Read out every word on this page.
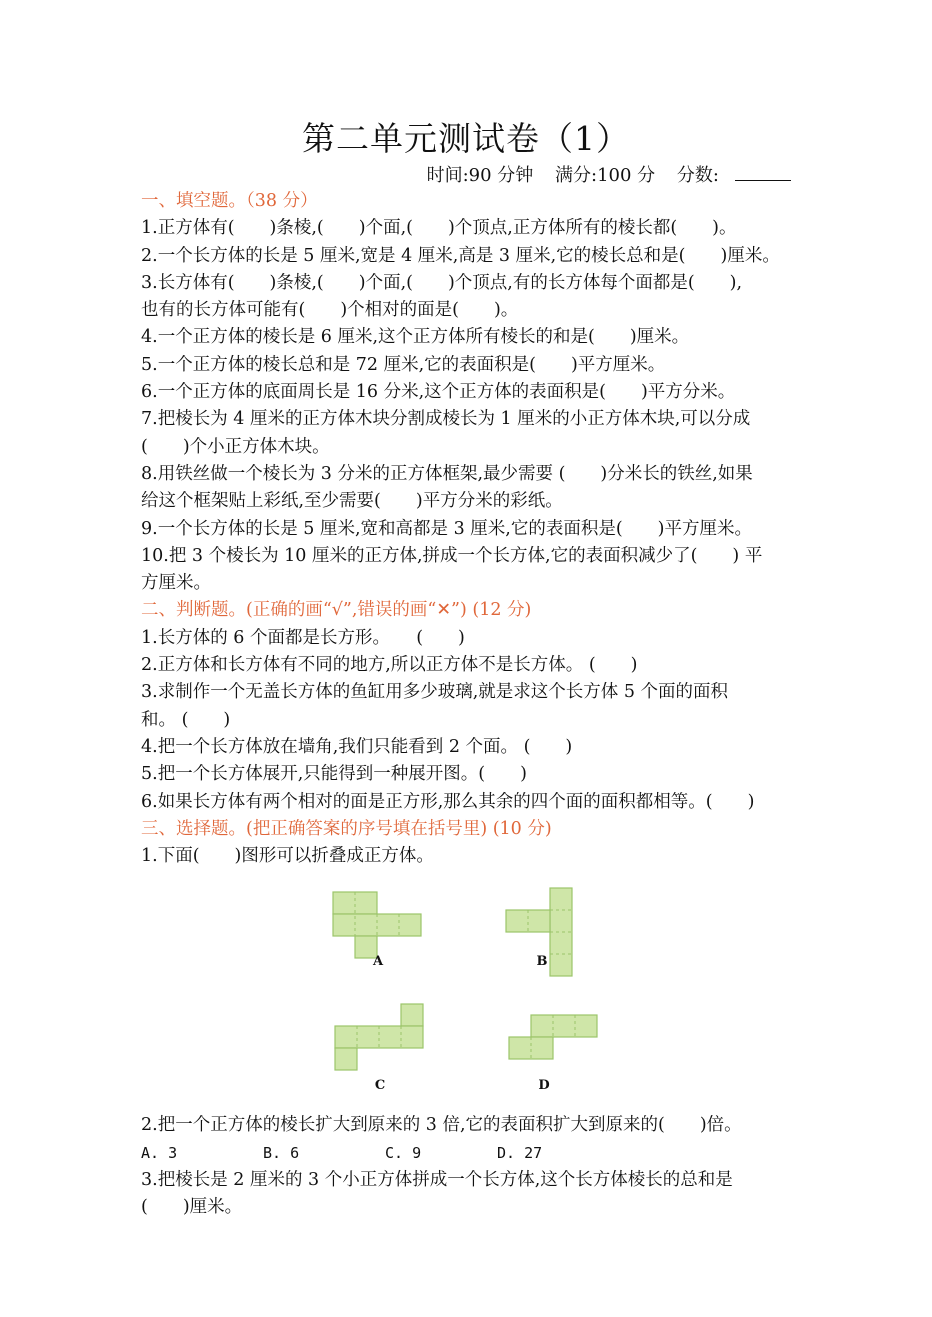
第二单元测试卷（1）
时间:90 分钟 满分:100 分 分数:
一、填空题。（38 分）
1.正方体有(　　)条棱,(　　)个面,(　　)个顶点,正方体所有的棱长都(　　)。
2.一个长方体的长是 5 厘米,宽是 4 厘米,高是 3 厘米,它的棱长总和是(　　)厘米。
3.长方体有(　　)条棱,(　　)个面,(　　)个顶点,有的长方体每个面都是(　　),
也有的长方体可能有(　　)个相对的面是(　　)。
4.一个正方体的棱长是 6 厘米,这个正方体所有棱长的和是(　　)厘米。
5.一个正方体的棱长总和是 72 厘米,它的表面积是(　　)平方厘米。
6.一个正方体的底面周长是 16 分米,这个正方体的表面积是(　　)平方分米。
7.把棱长为 4 厘米的正方体木块分割成棱长为 1 厘米的小正方体木块,可以分成
(　　)个小正方体木块。
8.用铁丝做一个棱长为 3 分米的正方体框架,最少需要 (　　)分米长的铁丝,如果
给这个框架贴上彩纸,至少需要(　　)平方分米的彩纸。
9.一个长方体的长是 5 厘米,宽和高都是 3 厘米,它的表面积是(　　)平方厘米。
10.把 3 个棱长为 10 厘米的正方体,拼成一个长方体,它的表面积减少了(　　) 平
方厘米。
二、判断题。(正确的画“√”,错误的画“✕”) (12 分)
1.长方体的 6 个面都是长方形。　　(　　)
2.正方体和长方体有不同的地方,所以正方体不是长方体。 (　　)
3.求制作一个无盖长方体的鱼缸用多少玻璃,就是求这个长方体 5 个面的面积
和。 (　　)
4.把一个长方体放在墙角,我们只能看到 2 个面。 (　　)
5.把一个长方体展开,只能得到一种展开图。(　　)
6.如果长方体有两个相对的面是正方形,那么其余的四个面的面积都相等。(　　)
三、选择题。(把正确答案的序号填在括号里) (10 分)
1.下面(　　)图形可以折叠成正方体。
A	B
C	D
2.把一个正方体的棱长扩大到原来的 3 倍,它的表面积扩大到原来的(　　)倍。
A. 3	B. 6	C. 9	D. 27
3.把棱长是 2 厘米的 3 个小正方体拼成一个长方体,这个长方体棱长的总和是
(　　)厘米。
